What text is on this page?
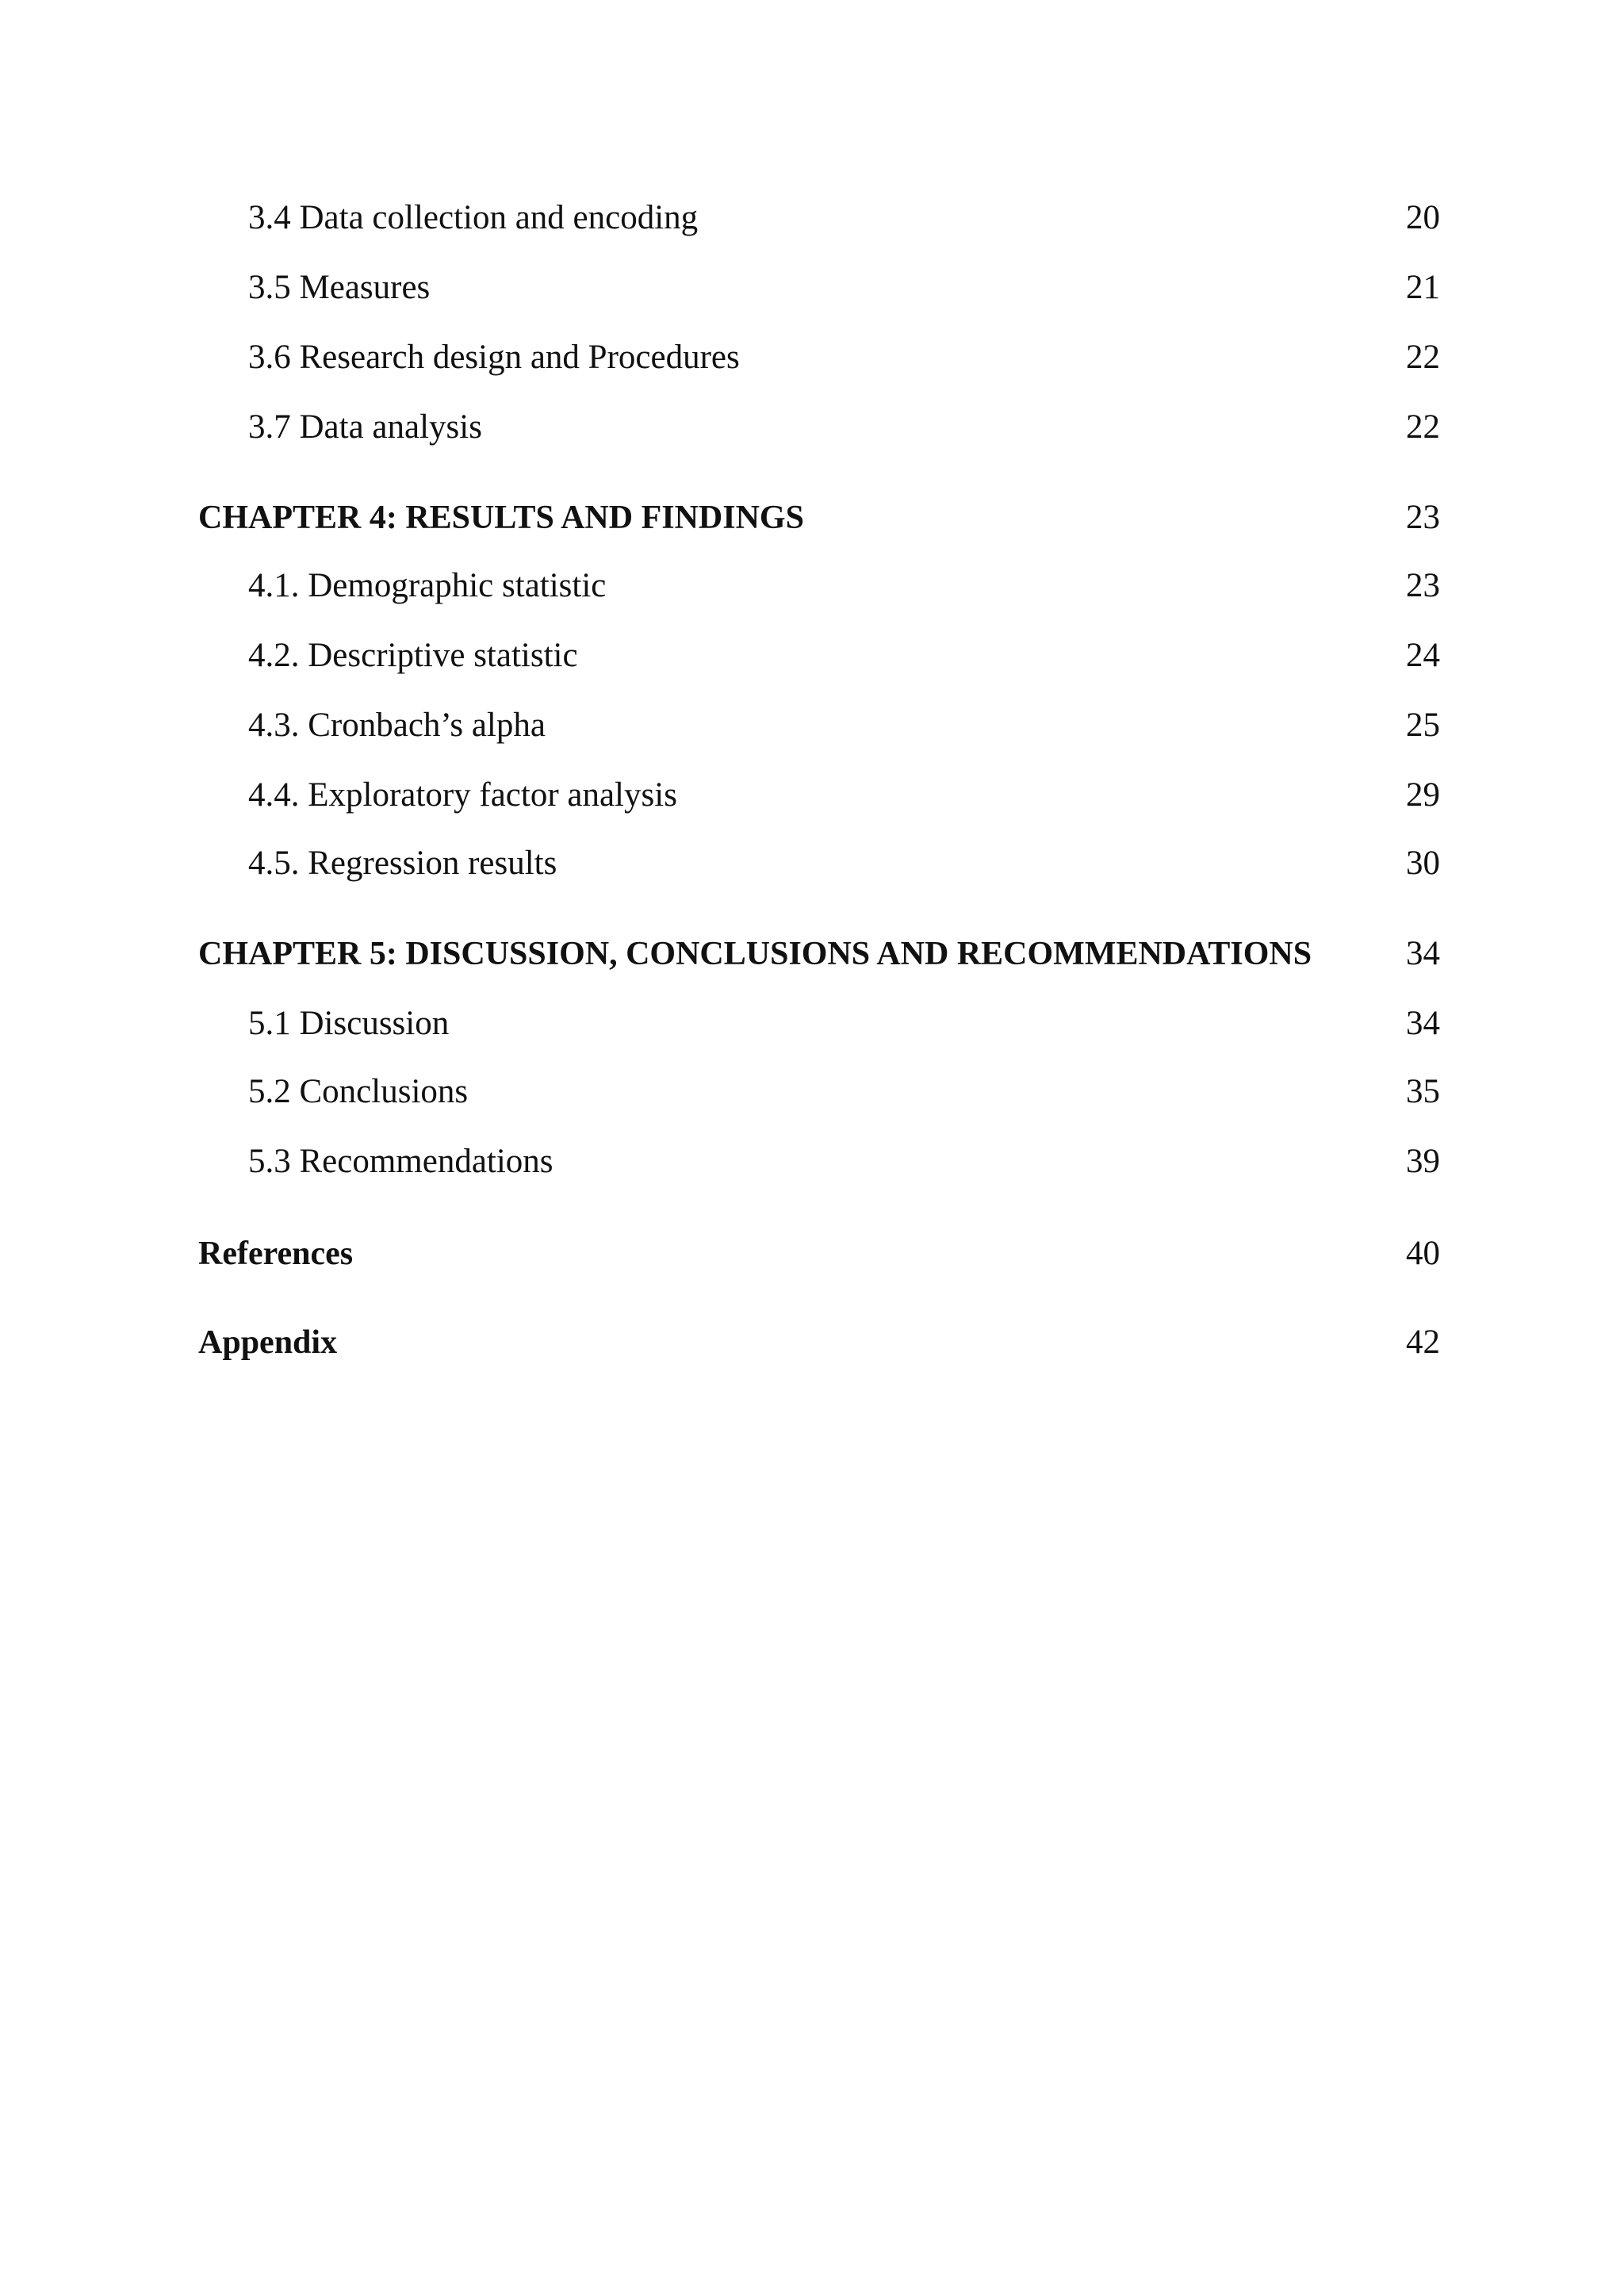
3.4 Data collection and encoding	20
3.5 Measures	21
3.6 Research design and Procedures	22
3.7 Data analysis	22
CHAPTER 4: RESULTS AND FINDINGS	23
4.1. Demographic statistic	23
4.2. Descriptive statistic	24
4.3. Cronbach’s alpha	25
4.4. Exploratory factor analysis	29
4.5. Regression results	30
CHAPTER 5: DISCUSSION, CONCLUSIONS AND RECOMMENDATIONS	34
5.1 Discussion	34
5.2 Conclusions	35
5.3 Recommendations	39
References	40
Appendix	42
